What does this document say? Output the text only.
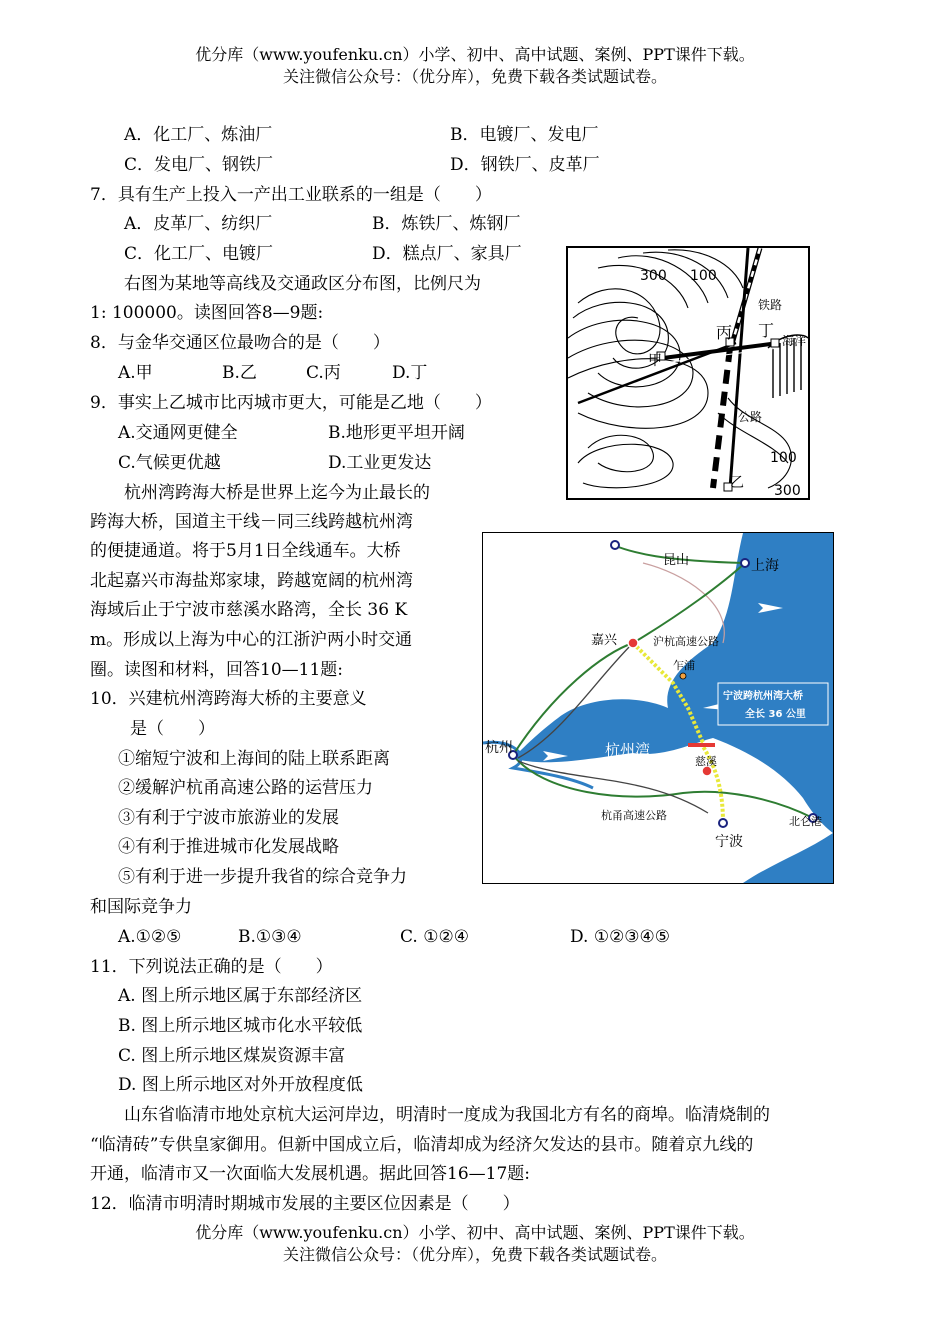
优分库（www.youfenku.cn）小学、初中、高中试题、案例、PPT课件下载。
关注微信公众号：（优分库），免费下载各类试题试卷。
A．化工厂、炼油厂	B．电镀厂、发电厂
C．发电厂、钢铁厂	D．钢铁厂、皮革厂
7．具有生产上投入一产出工业联系的一组是（　　）
A．皮革厂、纺织厂	B．炼铁厂、炼钢厂
C．化工厂、电镀厂	D．糕点厂、家具厂
右图为某地等高线及交通政区分布图，比例尺为
1: 100000。读图回答8—9题:
8．与金华交通区位最吻合的是（　　）
A.甲	B.乙	C.丙	D.丁
9．事实上乙城市比丙城市更大，可能是乙地（　　）
A.交通网更健全	B.地形更平坦开阔
C.气候更优越	D.工业更发达
300 100
铁路
丙 丁
海洋
甲
公路
100
乙 300
杭州湾跨海大桥是世界上迄今为止最长的
跨海大桥，国道主干线－同三线跨越杭州湾
的便捷通道。将于5月1日全线通车。大桥
北起嘉兴市海盐郑家埭，跨越宽阔的杭州湾
海域后止于宁波市慈溪水路湾，全长 36 K
m。形成以上海为中心的江浙沪两小时交通
圈。读图和材料，回答10—11题:
昆山	上海
嘉兴	沪杭高速公路
乍浦
宁波跨杭州湾大桥
全长 36 公里
杭州	杭州湾
慈溪
杭甬高速公路	北仑港
宁波
10．兴建杭州湾跨海大桥的主要意义
是（　　）
①缩短宁波和上海间的陆上联系距离
②缓解沪杭甬高速公路的运营压力
③有利于宁波市旅游业的发展
④有利于推进城市化发展战略
⑤有利于进一步提升我省的综合竞争力
和国际竞争力
A.①②⑤	B.①③④	C. ①②④	D. ①②③④⑤
11．下列说法正确的是（　　）
A. 图上所示地区属于东部经济区
B. 图上所示地区城市化水平较低
C. 图上所示地区煤炭资源丰富
D. 图上所示地区对外开放程度低
山东省临清市地处京杭大运河岸边，明清时一度成为我国北方有名的商埠。临清烧制的
“临清砖”专供皇家御用。但新中国成立后，临清却成为经济欠发达的县市。随着京九线的
开通，临清市又一次面临大发展机遇。据此回答16—17题:
12．临清市明清时期城市发展的主要区位因素是（　　）
优分库（www.youfenku.cn）小学、初中、高中试题、案例、PPT课件下载。
关注微信公众号：（优分库），免费下载各类试题试卷。
